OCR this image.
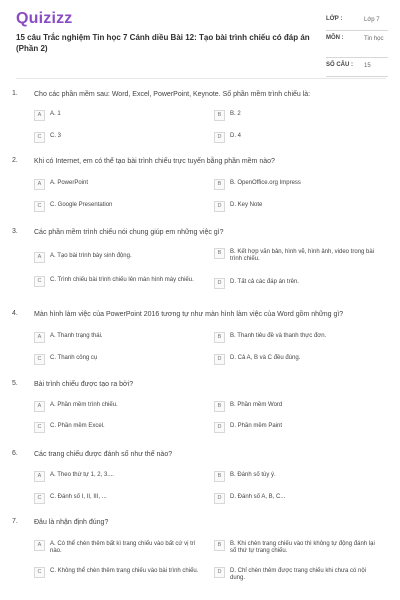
Quizizz
15 câu Trắc nghiệm Tin học 7 Cánh diều Bài 12: Tạo bài trình chiếu có đáp án (Phần 2)
LỚP :	Lớp 7
MÔN :	Tin học
SỐ CÂU : 15
1. Cho các phần mềm sau: Word, Excel, PowerPoint, Keynote. Số phần mềm trình chiếu là:
A	A. 1	B	B. 2
C	C. 3	D	D. 4
2. Khi có Internet, em có thể tạo bài trình chiếu trực tuyến bằng phần mềm nào?
A	A. PowerPoint	B	B. OpenOffice.org Impress
C	C. Google Presentation	D	D. Key Note
3. Các phần mềm trình chiếu nói chung giúp em những việc gì?
A	A. Tạo bài trình bày sinh động.	B	B. Kết hợp văn bản, hình vẽ, hình ảnh, video trong bài trình chiếu.
C	C. Trình chiếu bài trình chiếu lên màn hình máy chiếu.	D	D. Tất cả các đáp án trên.
4. Màn hình làm việc của PowerPoint 2016 tương tự như màn hình làm việc của Word gồm những gì?
A	A. Thanh trạng thái.	B	B. Thanh tiêu đề và thanh thực đơn.
C	C. Thanh công cụ	D	D. Cả A, B và C đều đúng.
5. Bài trình chiếu được tạo ra bởi?
A	A. Phần mềm trình chiếu.	B	B. Phần mềm Word
C	C. Phần mềm Excel.	D	D. Phần mềm Paint
6. Các trang chiếu được đánh số như thế nào?
A	A. Theo thứ tự 1, 2, 3....	B	B. Đánh số tùy ý.
C	C. Đánh số I, II, III, ...	D	D. Đánh số A, B, C...
7. Đâu là nhận định đúng?
A	A. Có thể chèn thêm bất kì trang chiếu vào bất cứ vị trí nào.
B	B. Khi chèn trang chiếu vào thì không tự động đánh lại số thứ tự trang chiếu.
C	C. Không thể chèn thêm trang chiếu vào bài trình chiếu.	D	D. Chỉ chèn thêm được trang chiếu khi chưa có nội dung.
